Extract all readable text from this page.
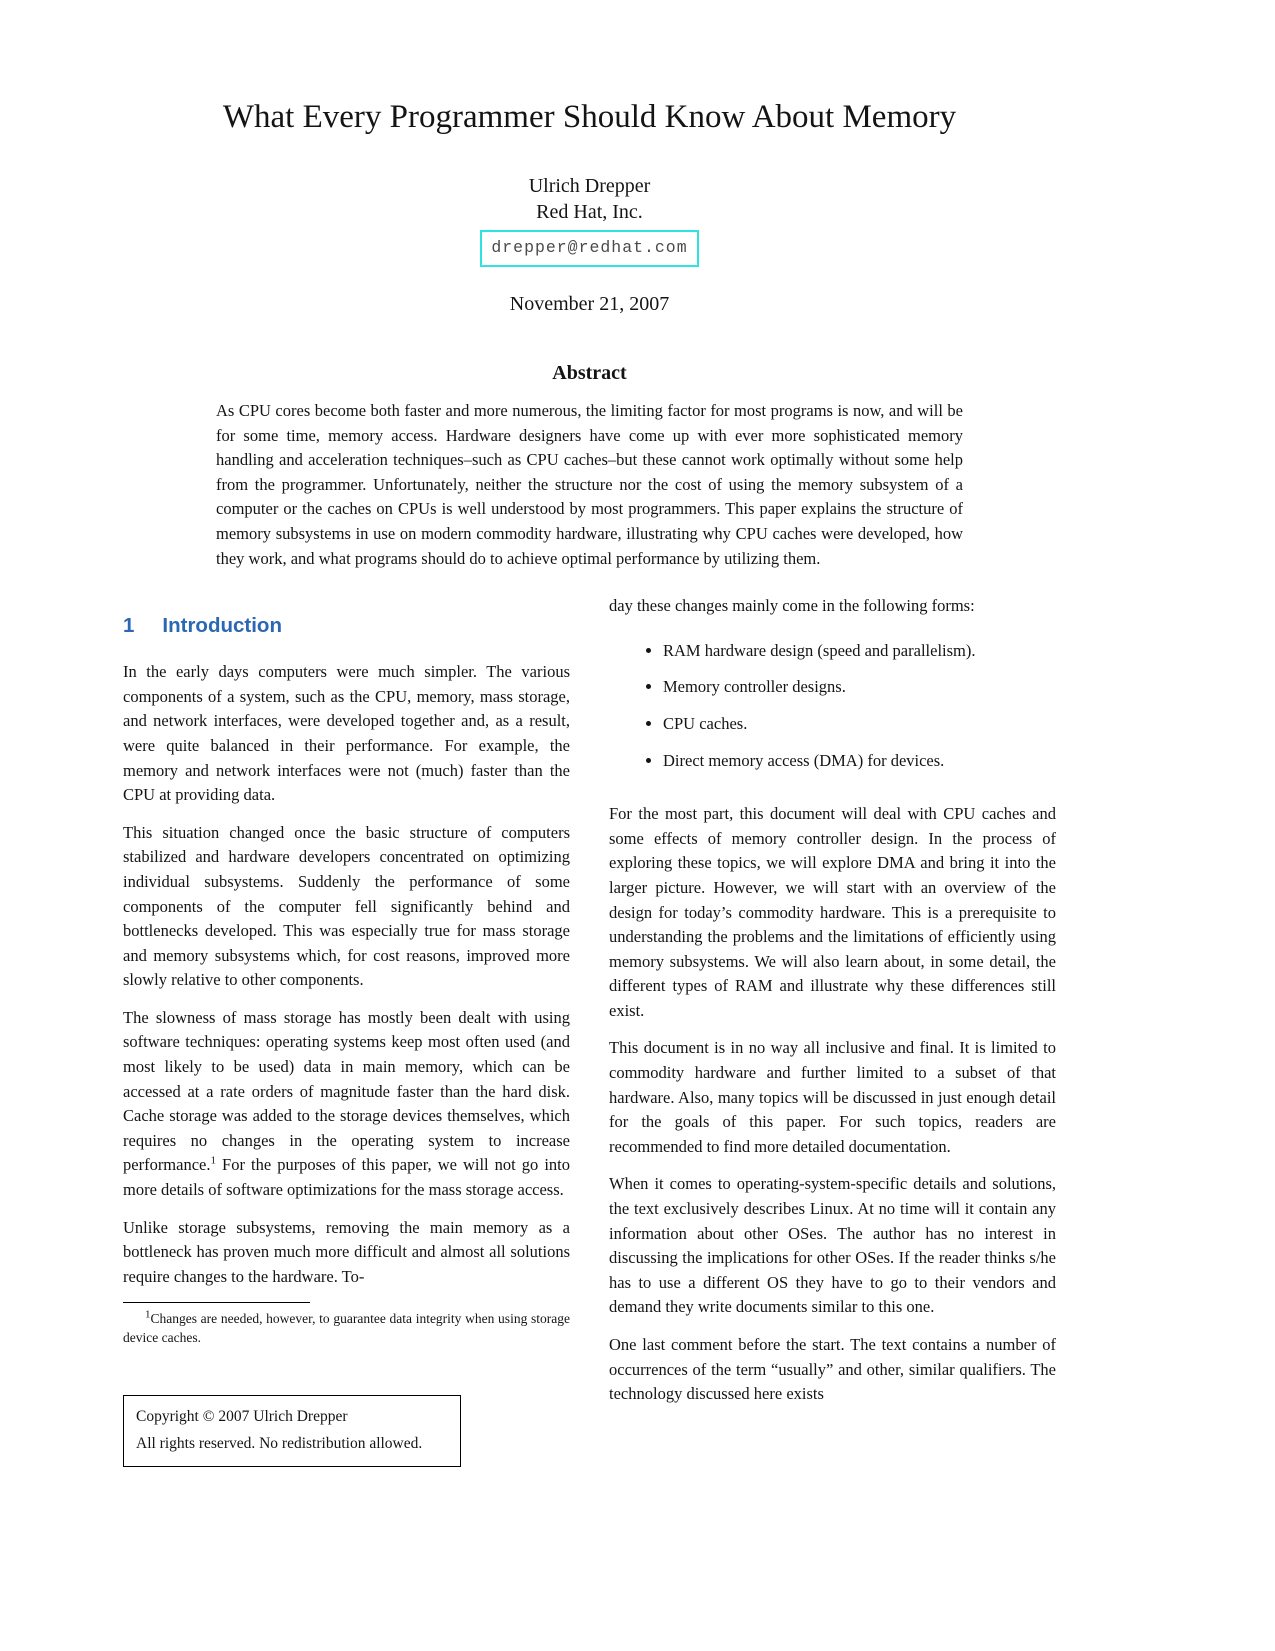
What Every Programmer Should Know About Memory
Ulrich Drepper
Red Hat, Inc.
drepper@redhat.com
November 21, 2007
Abstract

As CPU cores become both faster and more numerous, the limiting factor for most programs is now, and will be for some time, memory access. Hardware designers have come up with ever more sophisticated memory handling and acceleration techniques–such as CPU caches–but these cannot work optimally without some help from the programmer. Unfortunately, neither the structure nor the cost of using the memory subsystem of a computer or the caches on CPUs is well understood by most programmers. This paper explains the structure of memory subsystems in use on modern commodity hardware, illustrating why CPU caches were developed, how they work, and what programs should do to achieve optimal performance by utilizing them.

1 Introduction

In the early days computers were much simpler. The various components of a system, such as the CPU, memory, mass storage, and network interfaces, were developed together and, as a result, were quite balanced in their performance. For example, the memory and network interfaces were not (much) faster than the CPU at providing data.

This situation changed once the basic structure of computers stabilized and hardware developers concentrated on optimizing individual subsystems. Suddenly the performance of some components of the computer fell significantly behind and bottlenecks developed. This was especially true for mass storage and memory subsystems which, for cost reasons, improved more slowly relative to other components.

The slowness of mass storage has mostly been dealt with using software techniques: operating systems keep most often used (and most likely to be used) data in main memory, which can be accessed at a rate orders of magnitude faster than the hard disk. Cache storage was added to the storage devices themselves, which requires no changes in the operating system to increase performance.$^1$ For the purposes of this paper, we will not go into more details of software optimizations for the mass storage access.

Unlike storage subsystems, removing the main memory as a bottleneck has proven much more difficult and almost all solutions require changes to the hardware. To-

$^1$Changes are needed, however, to guarantee data integrity when using storage device caches.

Copyright © 2007 Ulrich Drepper
All rights reserved. No redistribution allowed.

day these changes mainly come in the following forms:

• RAM hardware design (speed and parallelism).
• Memory controller designs.
• CPU caches.
• Direct memory access (DMA) for devices.

For the most part, this document will deal with CPU caches and some effects of memory controller design. In the process of exploring these topics, we will explore DMA and bring it into the larger picture. However, we will start with an overview of the design for today’s commodity hardware. This is a prerequisite to understanding the problems and the limitations of efficiently using memory subsystems. We will also learn about, in some detail, the different types of RAM and illustrate why these differences still exist.

This document is in no way all inclusive and final. It is limited to commodity hardware and further limited to a subset of that hardware. Also, many topics will be discussed in just enough detail for the goals of this paper. For such topics, readers are recommended to find more detailed documentation.

When it comes to operating-system-specific details and solutions, the text exclusively describes Linux. At no time will it contain any information about other OSes. The author has no interest in discussing the implications for other OSes. If the reader thinks s/he has to use a different OS they have to go to their vendors and demand they write documents similar to this one.

One last comment before the start. The text contains a number of occurrences of the term “usually” and other, similar qualifiers. The technology discussed here exists
